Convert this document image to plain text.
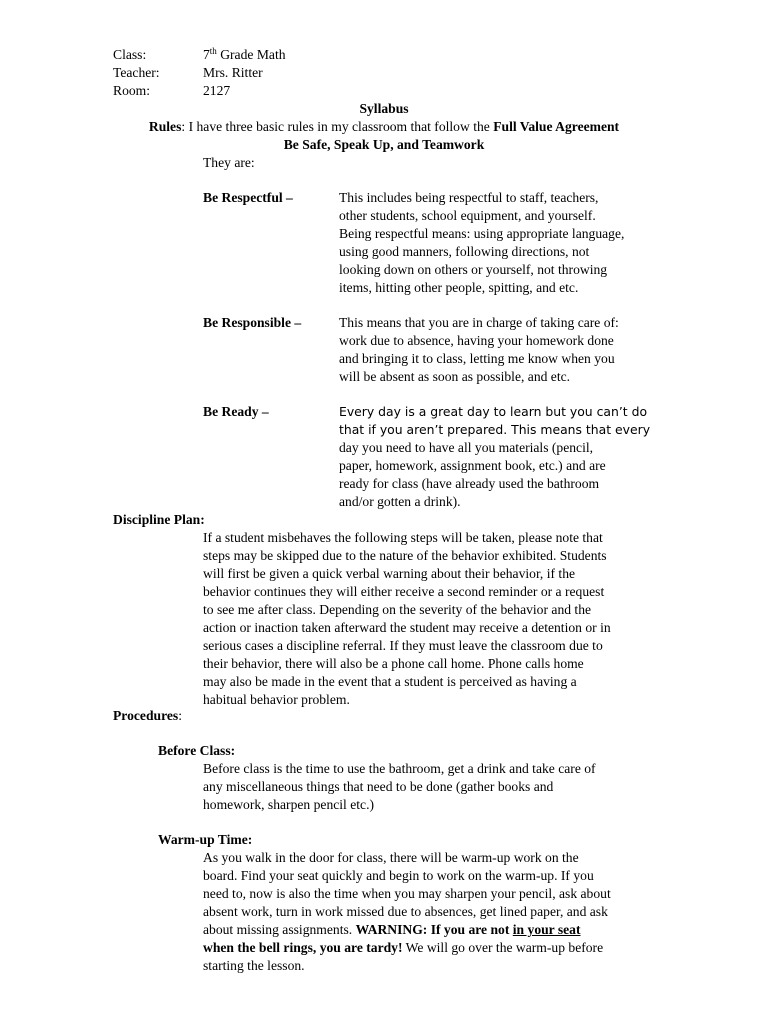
Class:	7th Grade Math
Teacher:	Mrs. Ritter
Room:	2127
Syllabus
Rules: I have three basic rules in my classroom that follow the Full Value Agreement
Be Safe, Speak Up, and Teamwork
They are:
Be Respectful –	This includes being respectful to staff, teachers,
other students, school equipment, and yourself.
Being respectful means: using appropriate language,
using good manners, following directions, not
looking down on others or yourself, not throwing
items, hitting other people, spitting, and etc.
Be Responsible –	This means that you are in charge of taking care of:
work due to absence, having your homework done
and bringing it to class, letting me know when you
will be absent as soon as possible, and etc.
Be Ready –	Every day is a great day to learn but you can’t do
that if you aren’t prepared. This means that every
day you need to have all you materials (pencil,
paper, homework, assignment book, etc.) and are
ready for class (have already used the bathroom
and/or gotten a drink).
Discipline Plan:
If a student misbehaves the following steps will be taken, please note that
steps may be skipped due to the nature of the behavior exhibited. Students
will first be given a quick verbal warning about their behavior, if the
behavior continues they will either receive a second reminder or a request
to see me after class. Depending on the severity of the behavior and the
action or inaction taken afterward the student may receive a detention or in
serious cases a discipline referral. If they must leave the classroom due to
their behavior, there will also be a phone call home. Phone calls home
may also be made in the event that a student is perceived as having a
habitual behavior problem.
Procedures:
Before Class:
Before class is the time to use the bathroom, get a drink and take care of
any miscellaneous things that need to be done (gather books and
homework, sharpen pencil etc.)
Warm-up Time:
As you walk in the door for class, there will be warm-up work on the
board. Find your seat quickly and begin to work on the warm-up. If you
need to, now is also the time when you may sharpen your pencil, ask about
absent work, turn in work missed due to absences, get lined paper, and ask
about missing assignments. WARNING: If you are not in your seat
when the bell rings, you are tardy! We will go over the warm-up before
starting the lesson.
